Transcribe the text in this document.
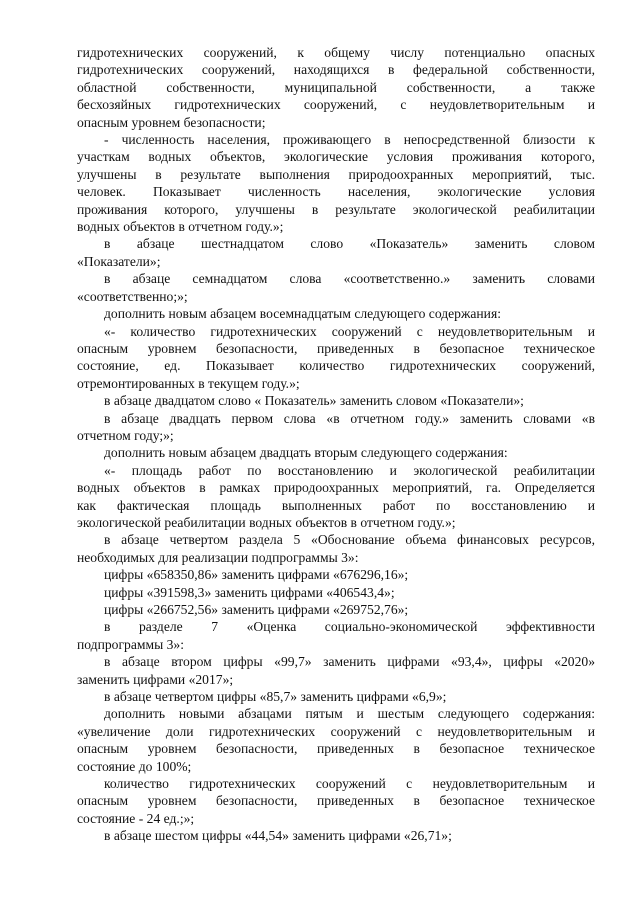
гидротехнических сооружений, к общему числу потенциально опасных

гидротехнических сооружений, находящихся в федеральной собственности,

областной собственности, муниципальной собственности, а также

бесхозяйных гидротехнических сооружений, с неудовлетворительным и

опасным уровнем безопасности;

- численность населения, проживающего в непосредственной близости к

участкам водных объектов, экологические условия проживания которого,

улучшены в результате выполнения природоохранных мероприятий, тыс.

человек. Показывает численность населения, экологические условия

проживания которого, улучшены в результате экологической реабилитации

водных объектов в отчетном году.»;

в абзаце шестнадцатом слово «Показатель» заменить словом

«Показатели»;

в абзаце семнадцатом слова «соответственно.» заменить словами

«соответственно;»;

дополнить новым абзацем восемнадцатым следующего содержания:

«- количество гидротехнических сооружений с неудовлетворительным и

опасным уровнем безопасности, приведенных в безопасное техническое

состояние, ед. Показывает количество гидротехнических сооружений,

отремонтированных в текущем году.»;

в абзаце двадцатом слово « Показатель» заменить словом «Показатели»;

в абзаце двадцать первом слова «в отчетном году.» заменить словами «в

отчетном году;»;

дополнить новым абзацем двадцать вторым следующего содержания:

«- площадь работ по восстановлению и экологической реабилитации

водных объектов в рамках природоохранных мероприятий, га. Определяется

как фактическая площадь выполненных работ по восстановлению и

экологической реабилитации водных объектов в отчетном году.»;

в абзаце четвертом раздела 5 «Обоснование объема финансовых ресурсов,

необходимых для реализации подпрограммы 3»:

цифры «658350,86» заменить цифрами «676296,16»;

цифры «391598,3» заменить цифрами «406543,4»;

цифры «266752,56» заменить цифрами «269752,76»;

в разделе 7 «Оценка социально-экономической эффективности

подпрограммы 3»:

в абзаце втором цифры «99,7» заменить цифрами «93,4», цифры «2020»

заменить цифрами «2017»;

в абзаце четвертом цифры «85,7» заменить цифрами «6,9»;

дополнить новыми абзацами пятым и шестым следующего содержания:

«увеличение доли гидротехнических сооружений с неудовлетворительным и

опасным уровнем безопасности, приведенных в безопасное техническое

состояние до 100%;

количество гидротехнических сооружений с неудовлетворительным и

опасным уровнем безопасности, приведенных в безопасное техническое

состояние - 24 ед.;»;

в абзаце шестом цифры «44,54» заменить цифрами «26,71»;
